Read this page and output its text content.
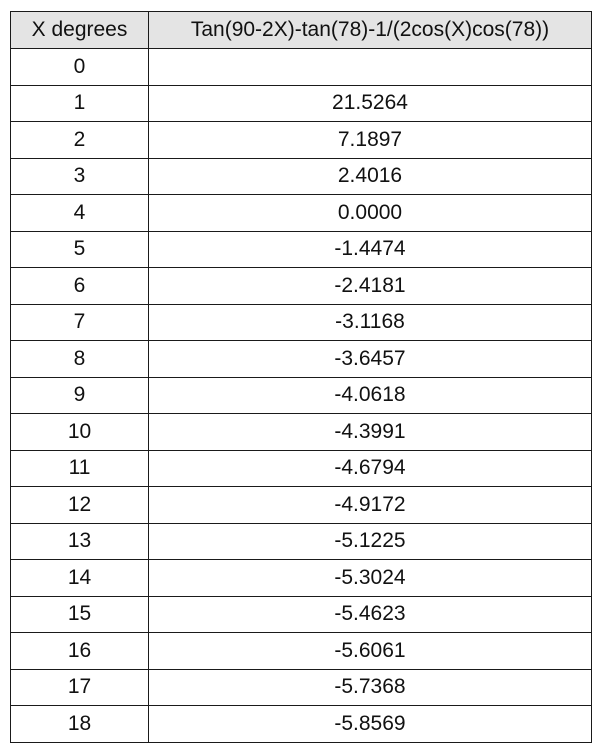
X degrees	Tan(90-2X)-tan(78)-1/(2cos(X)cos(78))
0	
1	21.5264
2	7.1897
3	2.4016
4	0.0000
5	-1.4474
6	-2.4181
7	-3.1168
8	-3.6457
9	-4.0618
10	-4.3991
11	-4.6794
12	-4.9172
13	-5.1225
14	-5.3024
15	-5.4623
16	-5.6061
17	-5.7368
18	-5.8569
